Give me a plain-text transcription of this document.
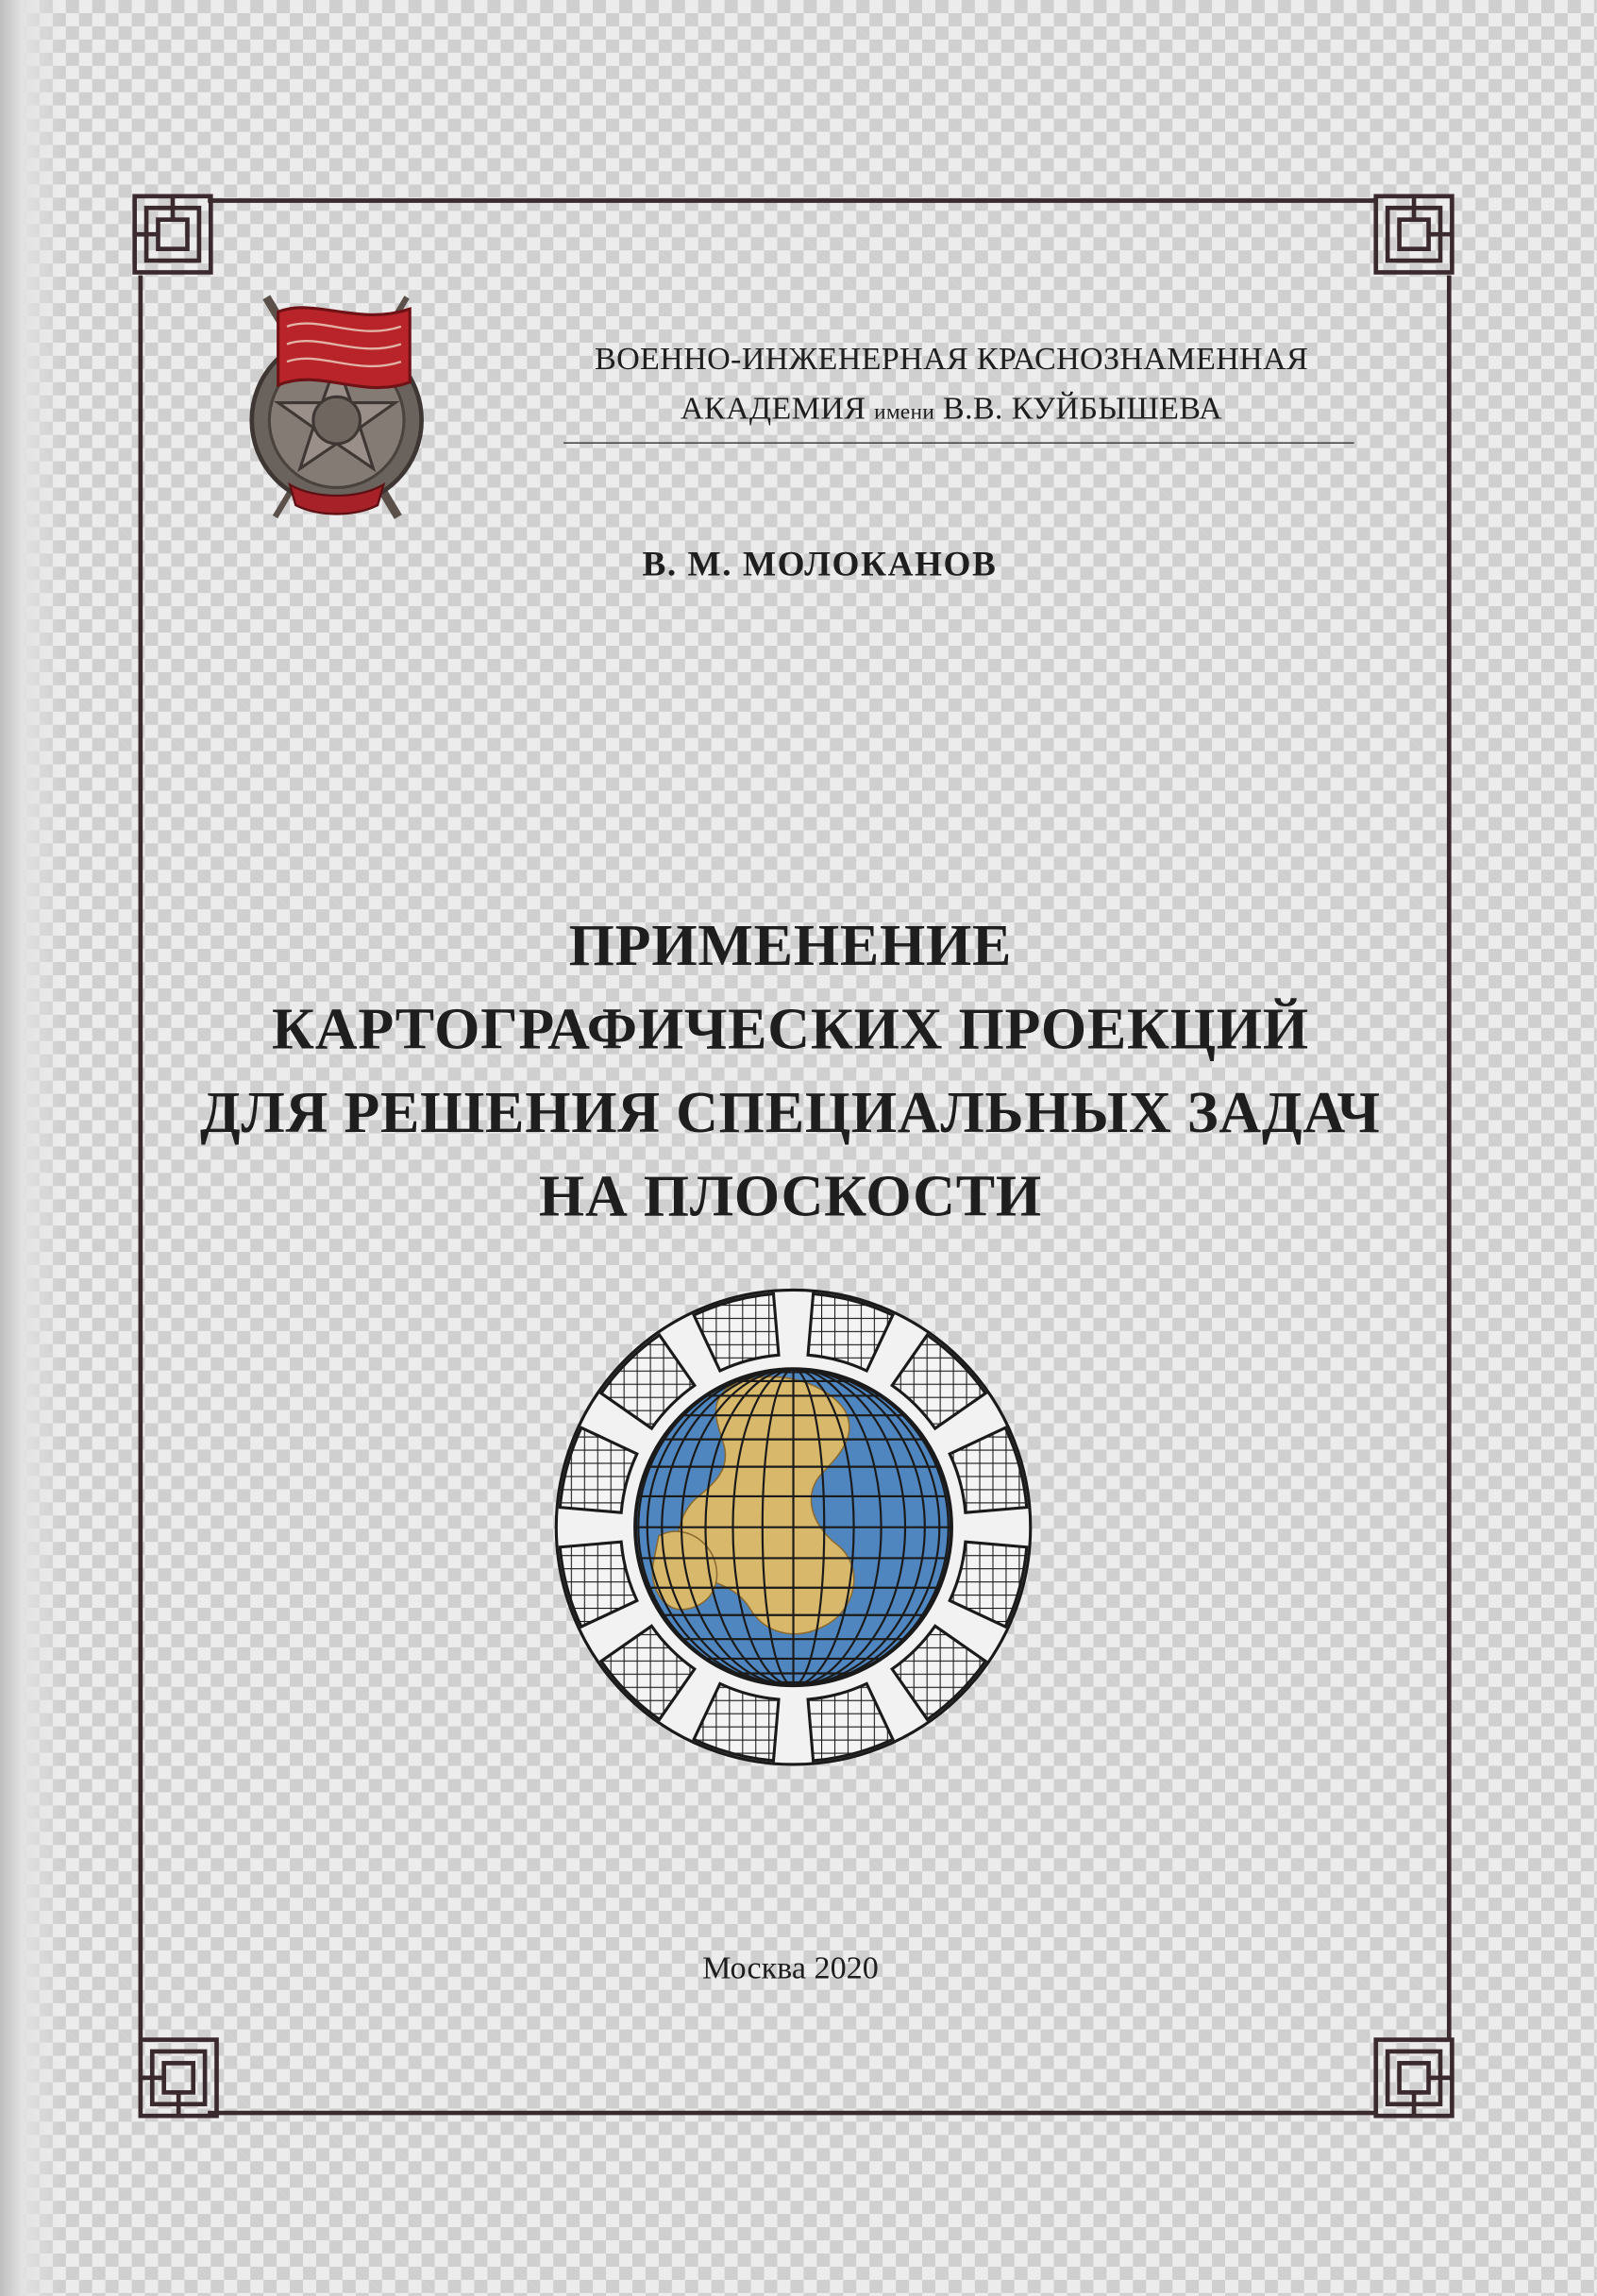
ВОЕННО-ИНЖЕНЕРНАЯ КРАСНОЗНАМЕННАЯ
АКАДЕМИЯ имени В.В. КУЙБЫШЕВА
В. М. МОЛОКАНОВ
ПРИМЕНЕНИЕ
КАРТОГРАФИЧЕСКИХ ПРОЕКЦИЙ
ДЛЯ РЕШЕНИЯ СПЕЦИАЛЬНЫХ ЗАДАЧ
НА ПЛОСКОСТИ
Москва 2020
